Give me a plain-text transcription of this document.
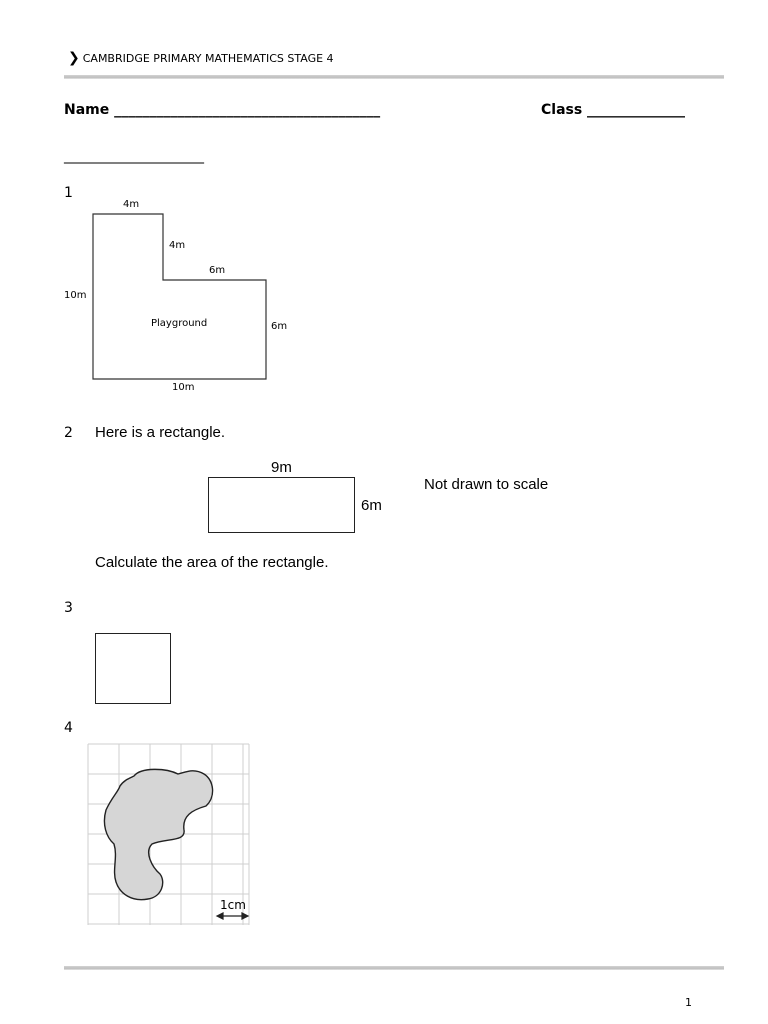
❯ CAMBRIDGE PRIMARY MATHEMATICS STAGE 4
Name ______________________________________	Class ______________
____________________
1
4m
4m
6m
10m
6m
10m
Playground
2 Here is a rectangle.
9m
6m
Not drawn to scale
Calculate the area of the rectangle.
3
4
1cm
1
